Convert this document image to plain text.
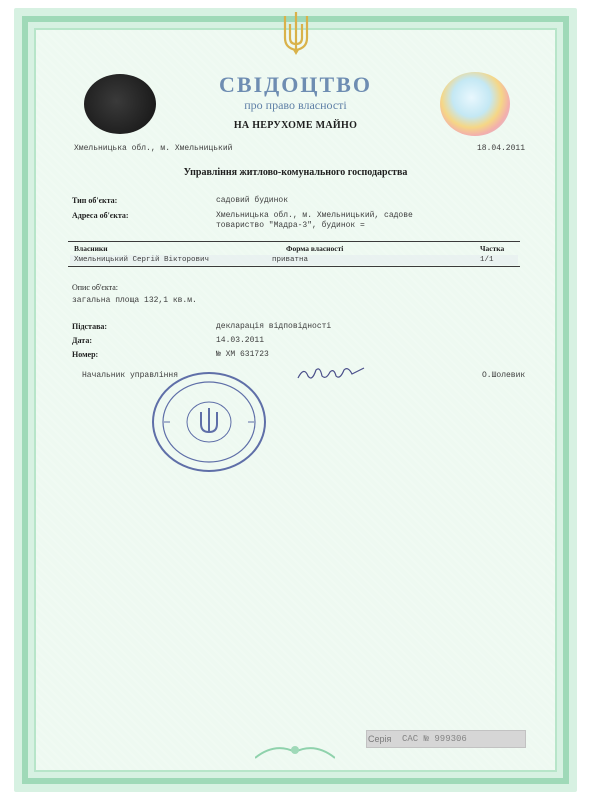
СВІДОЦТВО
про право власності
НА НЕРУХОМЕ МАЙНО
Хмельницька обл., м. Хмельницький	18.04.2011
Управління житлово-комунального господарства
Тип об'єкта:	садовий будинок
Адреса об'єкта:	Хмельницька обл., м. Хмельницький, садове
товариство "Мадра-3", будинок =
Власники	Форма власності	Частка
Хмельницький Сергій Вікторович	приватна	1/1
Опис об'єкта:
загальна площа 132,1 кв.м.
Підстава:	декларація відповідності
Дата:	14.03.2011
Номер:	№ ХМ 631723
Начальник управління	О.Шолевик
Серія САС № 999306
